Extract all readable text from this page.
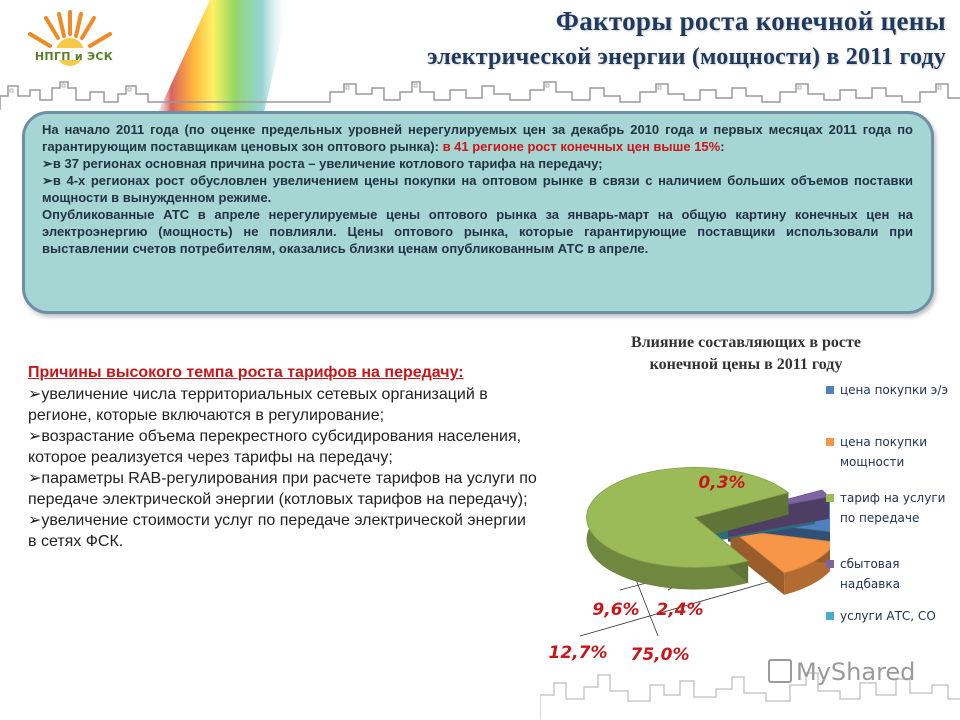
НПГП и ЭСК
Факторы роста конечной цены
электрической энергии (мощности) в 2011 году

На начало 2011 года (по оценке предельных уровней нерегулируемых цен за декабрь 2010 года и первых месяцах 2011 года по гарантирующим поставщикам ценовых зон оптового рынка): в 41 регионе рост конечных цен выше 15%:

➢в 37 регионах основная причина роста – увеличение котлового тарифа на передачу;

➢в 4-х регионах рост обусловлен увеличением цены покупки на оптовом рынке в связи с наличием больших объемов поставки мощности в вынужденном режиме.

Опубликованные АТС в апреле нерегулируемые цены оптового рынка за январь-март на общую картину конечных цен на электроэнергию (мощность) не повлияли. Цены оптового рынка, которые гарантирующие поставщики использовали при выставлении счетов потребителям, оказались близки ценам опубликованным АТС в апреле.

Причины высокого темпа роста тарифов на передачу:

➢увеличение числа территориальных сетевых организаций в регионе, которые включаются в регулирование;

➢возрастание объема перекрестного субсидирования населения, которое реализуется через тарифы на передачу;

➢параметры RAB-регулирования при расчете тарифов на услуги по передаче электрической энергии (котловых тарифов на передачу);

➢увеличение стоимости услуг по передаче электрической энергии в сетях ФСК.

Влияние составляющих в росте
конечной цены в 2011 году
9,6%
12,7% 75,0%
2,4%
0,3%
цена покупки э/э
цена покупки мощности
тариф на услуги по передаче
сбытовая надбавка
услуги АТС, СО
MyShared
